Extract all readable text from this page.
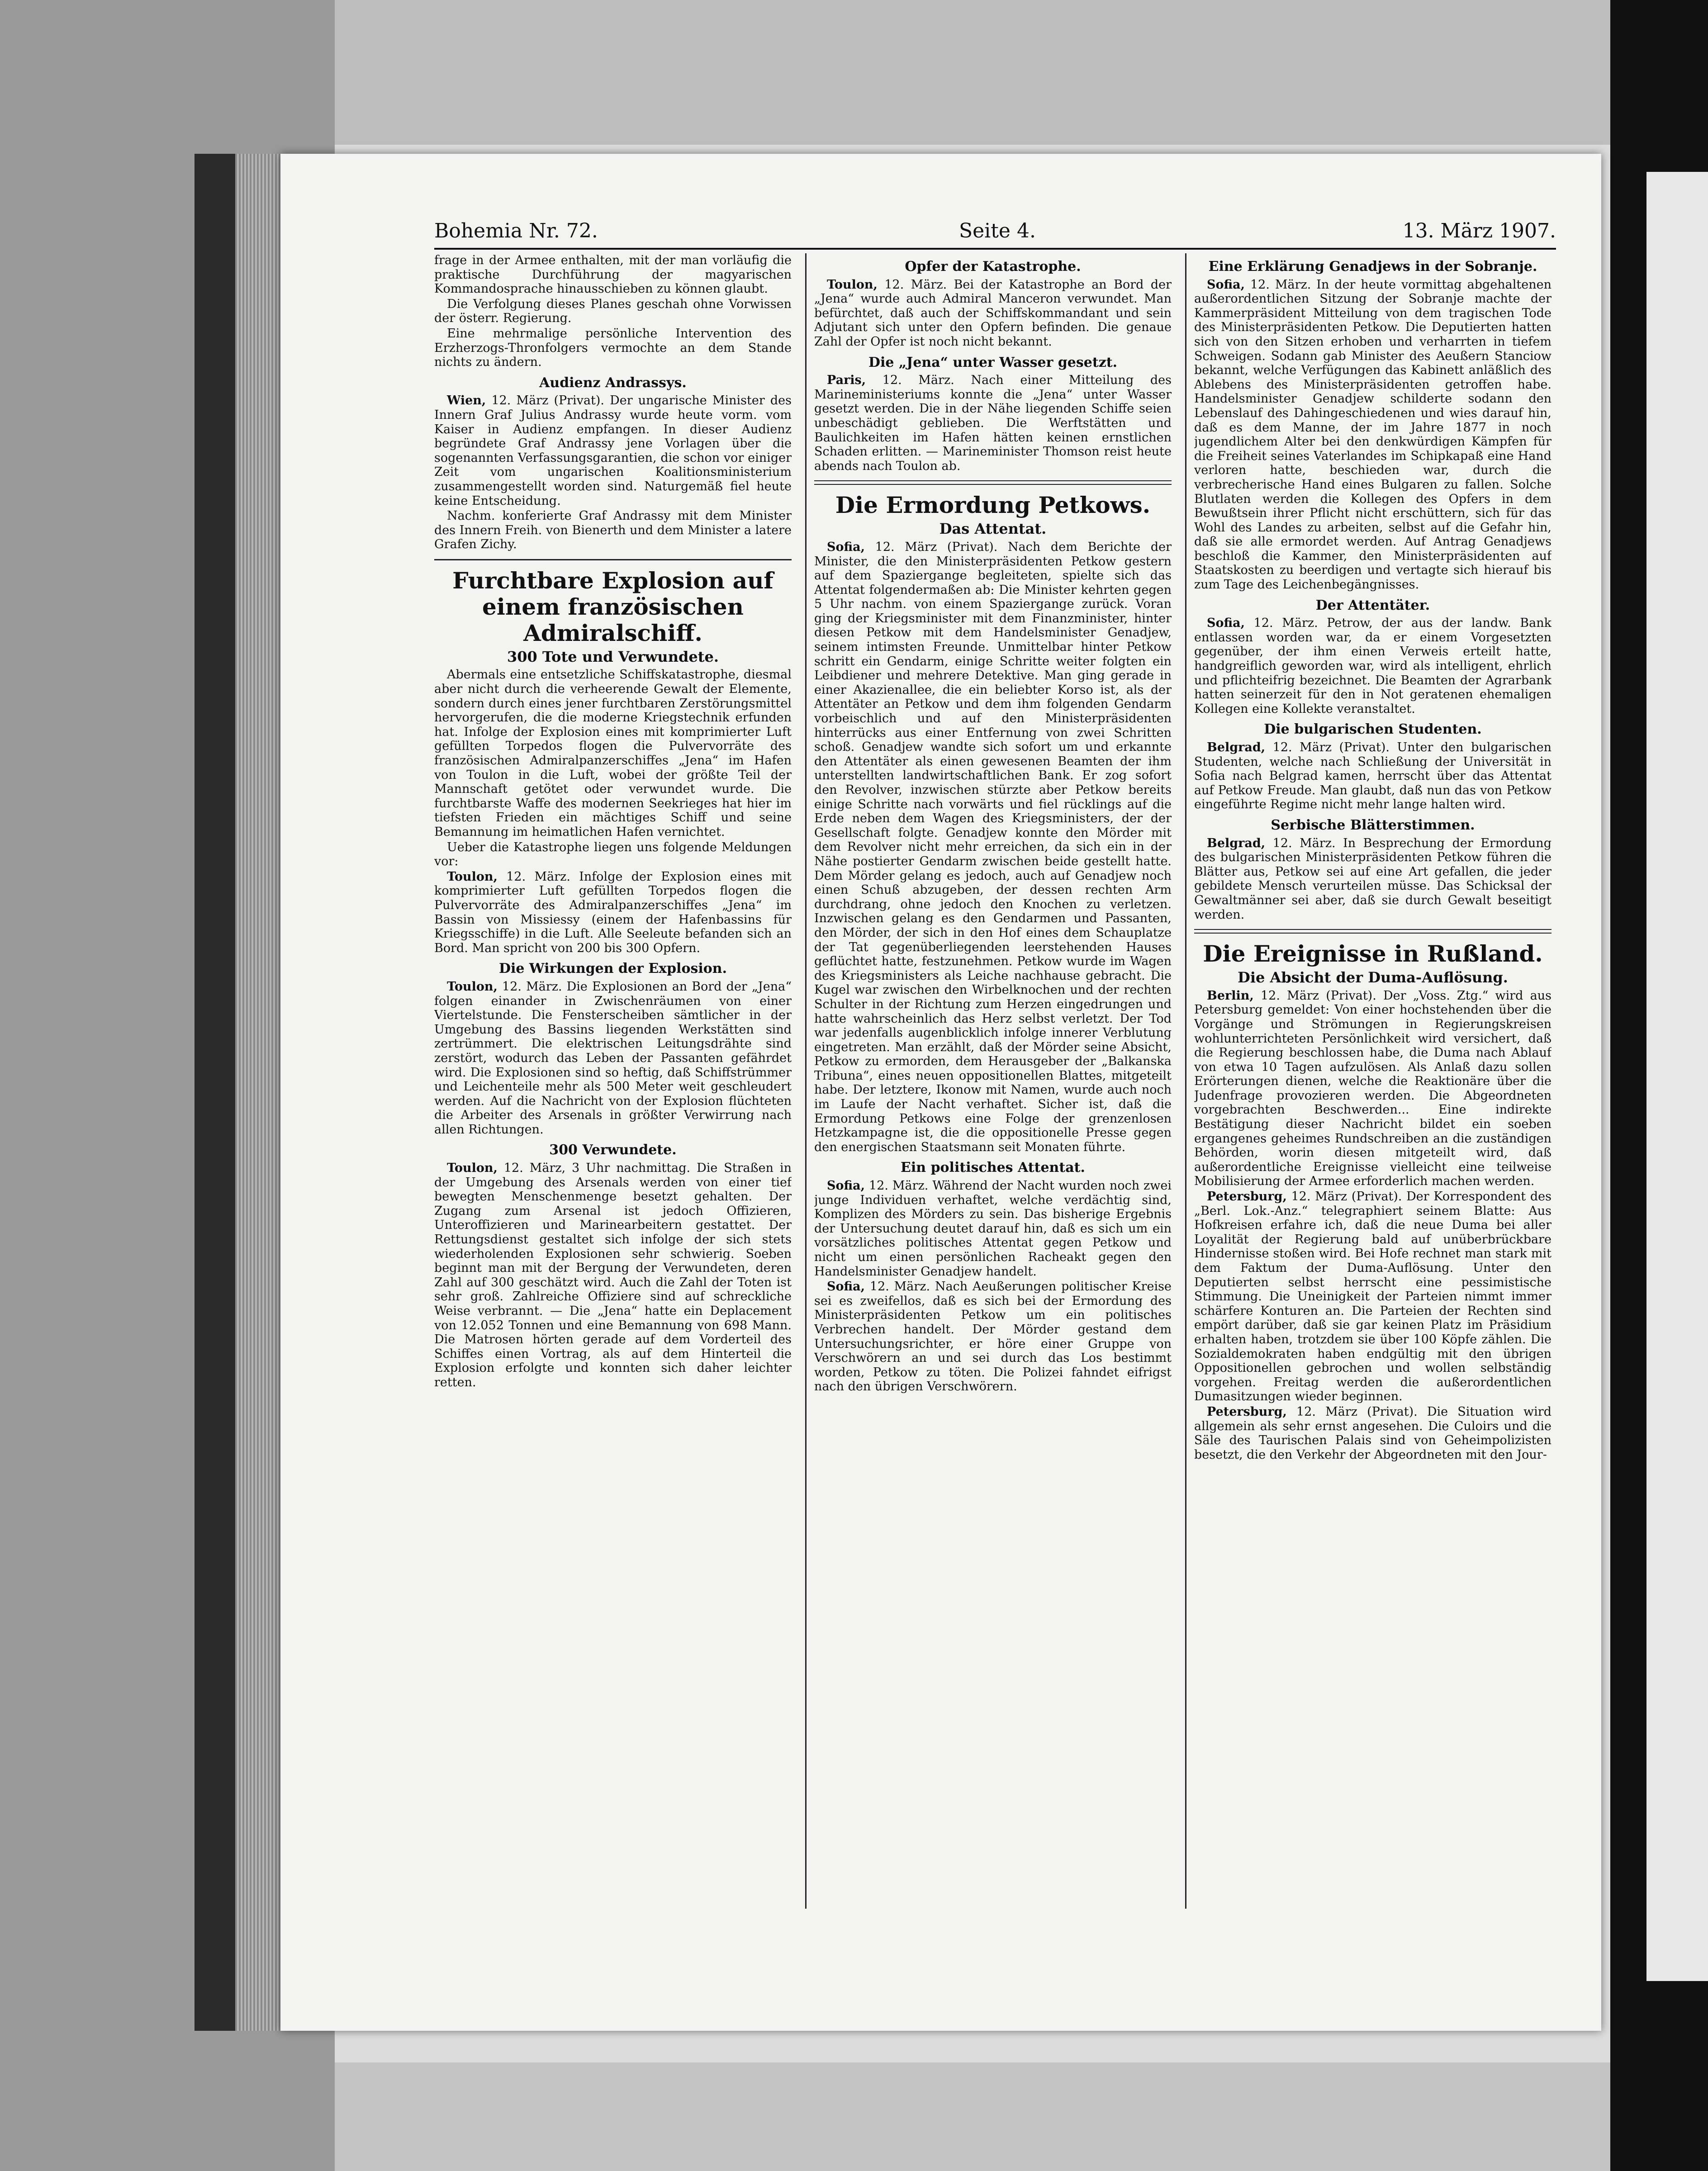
Bohemia Nr. 72.	Seite 4.	13. März 1907.

frage in der Armee enthalten, mit der man vorläufig die praktische Durchführung der magyarischen Kommandosprache hinausschieben zu können glaubt.

Die Verfolgung dieses Planes geschah ohne Vorwissen der österr. Regierung.

Eine mehrmalige persönliche Intervention des Erzherzogs-Thronfolgers vermochte an dem Stande nichts zu ändern.

Audienz Andrassys.

Wien, 12. März (Privat). Der ungarische Minister des Innern Graf Julius Andrassy wurde heute vorm. vom Kaiser in Audienz empfangen. In dieser Audienz begründete Graf Andrassy jene Vorlagen über die sogenannten Verfassungsgarantien, die schon vor einiger Zeit vom ungarischen Koalitionsministerium zusammengestellt worden sind. Naturgemäß fiel heute keine Entscheidung.

Nachm. konferierte Graf Andrassy mit dem Minister des Innern Freih. von Bienerth und dem Minister a latere Grafen Zichy.

Furchtbare Explosion auf einem französischen Admiralschiff.
300 Tote und Verwundete.

Abermals eine entsetzliche Schiffskatastrophe, diesmal aber nicht durch die verheerende Gewalt der Elemente, sondern durch eines jener furchtbaren Zerstörungsmittel hervorgerufen, die die moderne Kriegstechnik erfunden hat. Infolge der Explosion eines mit komprimierter Luft gefüllten Torpedos flogen die Pulvervorräte des französischen Admiralpanzerschiffes „Jena“ im Hafen von Toulon in die Luft, wobei der größte Teil der Mannschaft getötet oder verwundet wurde. Die furchtbarste Waffe des modernen Seekrieges hat hier im tiefsten Frieden ein mächtiges Schiff und seine Bemannung im heimatlichen Hafen vernichtet.

Ueber die Katastrophe liegen uns folgende Meldungen vor:

Toulon, 12. März. Infolge der Explosion eines mit komprimierter Luft gefüllten Torpedos flogen die Pulvervorräte des Admiralpanzerschiffes „Jena“ im Bassin von Missiessy (einem der Hafenbassins für Kriegsschiffe) in die Luft. Alle Seeleute befanden sich an Bord. Man spricht von 200 bis 300 Opfern.

Die Wirkungen der Explosion.

Toulon, 12. März. Die Explosionen an Bord der „Jena“ folgen einander in Zwischenräumen von einer Viertelstunde. Die Fensterscheiben sämtlicher in der Umgebung des Bassins liegenden Werkstätten sind zertrümmert. Die elektrischen Leitungsdrähte sind zerstört, wodurch das Leben der Passanten gefährdet wird. Die Explosionen sind so heftig, daß Schiffstrümmer und Leichenteile mehr als 500 Meter weit geschleudert werden. Auf die Nachricht von der Explosion flüchteten die Arbeiter des Arsenals in größter Verwirrung nach allen Richtungen.

300 Verwundete.

Toulon, 12. März, 3 Uhr nachmittag. Die Straßen in der Umgebung des Arsenals werden von einer tief bewegten Menschenmenge besetzt gehalten. Der Zugang zum Arsenal ist jedoch Offizieren, Unteroffizieren und Marinearbeitern gestattet. Der Rettungsdienst gestaltet sich infolge der sich stets wiederholenden Explosionen sehr schwierig. Soeben beginnt man mit der Bergung der Verwundeten, deren Zahl auf 300 geschätzt wird. Auch die Zahl der Toten ist sehr groß. Zahlreiche Offiziere sind auf schreckliche Weise verbrannt. — Die „Jena“ hatte ein Deplacement von 12.052 Tonnen und eine Bemannung von 698 Mann. Die Matrosen hörten gerade auf dem Vorderteil des Schiffes einen Vortrag, als auf dem Hinterteil die Explosion erfolgte und konnten sich daher leichter retten.

Opfer der Katastrophe.

Toulon, 12. März. Bei der Katastrophe an Bord der „Jena“ wurde auch Admiral Manceron verwundet. Man befürchtet, daß auch der Schiffskommandant und sein Adjutant sich unter den Opfern befinden. Die genaue Zahl der Opfer ist noch nicht bekannt.

Die „Jena“ unter Wasser gesetzt.

Paris, 12. März. Nach einer Mitteilung des Marineministeriums konnte die „Jena“ unter Wasser gesetzt werden. Die in der Nähe liegenden Schiffe seien unbeschädigt geblieben. Die Werftstätten und Baulichkeiten im Hafen hätten keinen ernstlichen Schaden erlitten. — Marineminister Thomson reist heute abends nach Toulon ab.

Die Ermordung Petkows.
Das Attentat.

Sofia, 12. März (Privat). Nach dem Berichte der Minister, die den Ministerpräsidenten Petkow gestern auf dem Spaziergange begleiteten, spielte sich das Attentat folgendermaßen ab: Die Minister kehrten gegen 5 Uhr nachm. von einem Spaziergange zurück. Voran ging der Kriegsminister mit dem Finanzminister, hinter diesen Petkow mit dem Handelsminister Genadjew, seinem intimsten Freunde. Unmittelbar hinter Petkow schritt ein Gendarm, einige Schritte weiter folgten ein Leibdiener und mehrere Detektive. Man ging gerade in einer Akazienallee, die ein beliebter Korso ist, als der Attentäter an Petkow und dem ihm folgenden Gendarm vorbeischlich und auf den Ministerpräsidenten hinterrücks aus einer Entfernung von zwei Schritten schoß. Genadjew wandte sich sofort um und erkannte den Attentäter als einen gewesenen Beamten der ihm unterstellten landwirtschaftlichen Bank. Er zog sofort den Revolver, inzwischen stürzte aber Petkow bereits einige Schritte nach vorwärts und fiel rücklings auf die Erde neben dem Wagen des Kriegsministers, der der Gesellschaft folgte. Genadjew konnte den Mörder mit dem Revolver nicht mehr erreichen, da sich ein in der Nähe postierter Gendarm zwischen beide gestellt hatte. Dem Mörder gelang es jedoch, auch auf Genadjew noch einen Schuß abzugeben, der dessen rechten Arm durchdrang, ohne jedoch den Knochen zu verletzen. Inzwischen gelang es den Gendarmen und Passanten, den Mörder, der sich in den Hof eines dem Schauplatze der Tat gegenüberliegenden leerstehenden Hauses geflüchtet hatte, festzunehmen. Petkow wurde im Wagen des Kriegsministers als Leiche nachhause gebracht. Die Kugel war zwischen den Wirbelknochen und der rechten Schulter in der Richtung zum Herzen eingedrungen und hatte wahrscheinlich das Herz selbst verletzt. Der Tod war jedenfalls augenblicklich infolge innerer Verblutung eingetreten. Man erzählt, daß der Mörder seine Absicht, Petkow zu ermorden, dem Herausgeber der „Balkanska Tribuna“, eines neuen oppositionellen Blattes, mitgeteilt habe. Der letztere, Ikonow mit Namen, wurde auch noch im Laufe der Nacht verhaftet. Sicher ist, daß die Ermordung Petkows eine Folge der grenzenlosen Hetzkampagne ist, die die oppositionelle Presse gegen den energischen Staatsmann seit Monaten führte.

Ein politisches Attentat.

Sofia, 12. März. Während der Nacht wurden noch zwei junge Individuen verhaftet, welche verdächtig sind, Komplizen des Mörders zu sein. Das bisherige Ergebnis der Untersuchung deutet darauf hin, daß es sich um ein vorsätzliches politisches Attentat gegen Petkow und nicht um einen persönlichen Racheakt gegen den Handelsminister Genadjew handelt.

Sofia, 12. März. Nach Aeußerungen politischer Kreise sei es zweifellos, daß es sich bei der Ermordung des Ministerpräsidenten Petkow um ein politisches Verbrechen handelt. Der Mörder gestand dem Untersuchungsrichter, er höre einer Gruppe von Verschwörern an und sei durch das Los bestimmt worden, Petkow zu töten. Die Polizei fahndet eifrigst nach den übrigen Verschwörern.

Eine Erklärung Genadjews in der Sobranje.

Sofia, 12. März. In der heute vormittag abgehaltenen außerordentlichen Sitzung der Sobranje machte der Kammerpräsident Mitteilung von dem tragischen Tode des Ministerpräsidenten Petkow. Die Deputierten hatten sich von den Sitzen erhoben und verharrten in tiefem Schweigen. Sodann gab Minister des Aeußern Stanciow bekannt, welche Verfügungen das Kabinett anläßlich des Ablebens des Ministerpräsidenten getroffen habe. Handelsminister Genadjew schilderte sodann den Lebenslauf des Dahingeschiedenen und wies darauf hin, daß es dem Manne, der im Jahre 1877 in noch jugendlichem Alter bei den denkwürdigen Kämpfen für die Freiheit seines Vaterlandes im Schipkapaß eine Hand verloren hatte, beschieden war, durch die verbrecherische Hand eines Bulgaren zu fallen. Solche Blutlaten werden die Kollegen des Opfers in dem Bewußtsein ihrer Pflicht nicht erschüttern, sich für das Wohl des Landes zu arbeiten, selbst auf die Gefahr hin, daß sie alle ermordet werden. Auf Antrag Genadjews beschloß die Kammer, den Ministerpräsidenten auf Staatskosten zu beerdigen und vertagte sich hierauf bis zum Tage des Leichenbegängnisses.

Der Attentäter.

Sofia, 12. März. Petrow, der aus der landw. Bank entlassen worden war, da er einem Vorgesetzten gegenüber, der ihm einen Verweis erteilt hatte, handgreiflich geworden war, wird als intelligent, ehrlich und pflichteifrig bezeichnet. Die Beamten der Agrarbank hatten seinerzeit für den in Not geratenen ehemaligen Kollegen eine Kollekte veranstaltet.

Die bulgarischen Studenten.

Belgrad, 12. März (Privat). Unter den bulgarischen Studenten, welche nach Schließung der Universität in Sofia nach Belgrad kamen, herrscht über das Attentat auf Petkow Freude. Man glaubt, daß nun das von Petkow eingeführte Regime nicht mehr lange halten wird.

Serbische Blätterstimmen.

Belgrad, 12. März. In Besprechung der Ermordung des bulgarischen Ministerpräsidenten Petkow führen die Blätter aus, Petkow sei auf eine Art gefallen, die jeder gebildete Mensch verurteilen müsse. Das Schicksal der Gewaltmänner sei aber, daß sie durch Gewalt beseitigt werden.

Die Ereignisse in Rußland.
Die Absicht der Duma-Auflösung.

Berlin, 12. März (Privat). Der „Voss. Ztg.“ wird aus Petersburg gemeldet: Von einer hochstehenden über die Vorgänge und Strömungen in Regierungskreisen wohlunterrichteten Persönlichkeit wird versichert, daß die Regierung beschlossen habe, die Duma nach Ablauf von etwa 10 Tagen aufzulösen. Als Anlaß dazu sollen Erörterungen dienen, welche die Reaktionäre über die Judenfrage provozieren werden. Die Abgeordneten vorgebrachten Beschwerden... Eine indirekte Bestätigung dieser Nachricht bildet ein soeben ergangenes geheimes Rundschreiben an die zuständigen Behörden, worin diesen mitgeteilt wird, daß außerordentliche Ereignisse vielleicht eine teilweise Mobilisierung der Armee erforderlich machen werden.

Petersburg, 12. März (Privat). Der Korrespondent des „Berl. Lok.-Anz.“ telegraphiert seinem Blatte: Aus Hofkreisen erfahre ich, daß die neue Duma bei aller Loyalität der Regierung bald auf unüberbrückbare Hindernisse stoßen wird. Bei Hofe rechnet man stark mit dem Faktum der Duma-Auflösung. Unter den Deputierten selbst herrscht eine pessimistische Stimmung. Die Uneinigkeit der Parteien nimmt immer schärfere Konturen an. Die Parteien der Rechten sind empört darüber, daß sie gar keinen Platz im Präsidium erhalten haben, trotzdem sie über 100 Köpfe zählen. Die Sozialdemokraten haben endgültig mit den übrigen Oppositionellen gebrochen und wollen selbständig vorgehen. Freitag werden die außerordentlichen Dumasitzungen wieder beginnen.

Petersburg, 12. März (Privat). Die Situation wird allgemein als sehr ernst angesehen. Die Culoirs und die Säle des Taurischen Palais sind von Geheimpolizisten besetzt, die den Verkehr der Abgeordneten mit den Jour-
